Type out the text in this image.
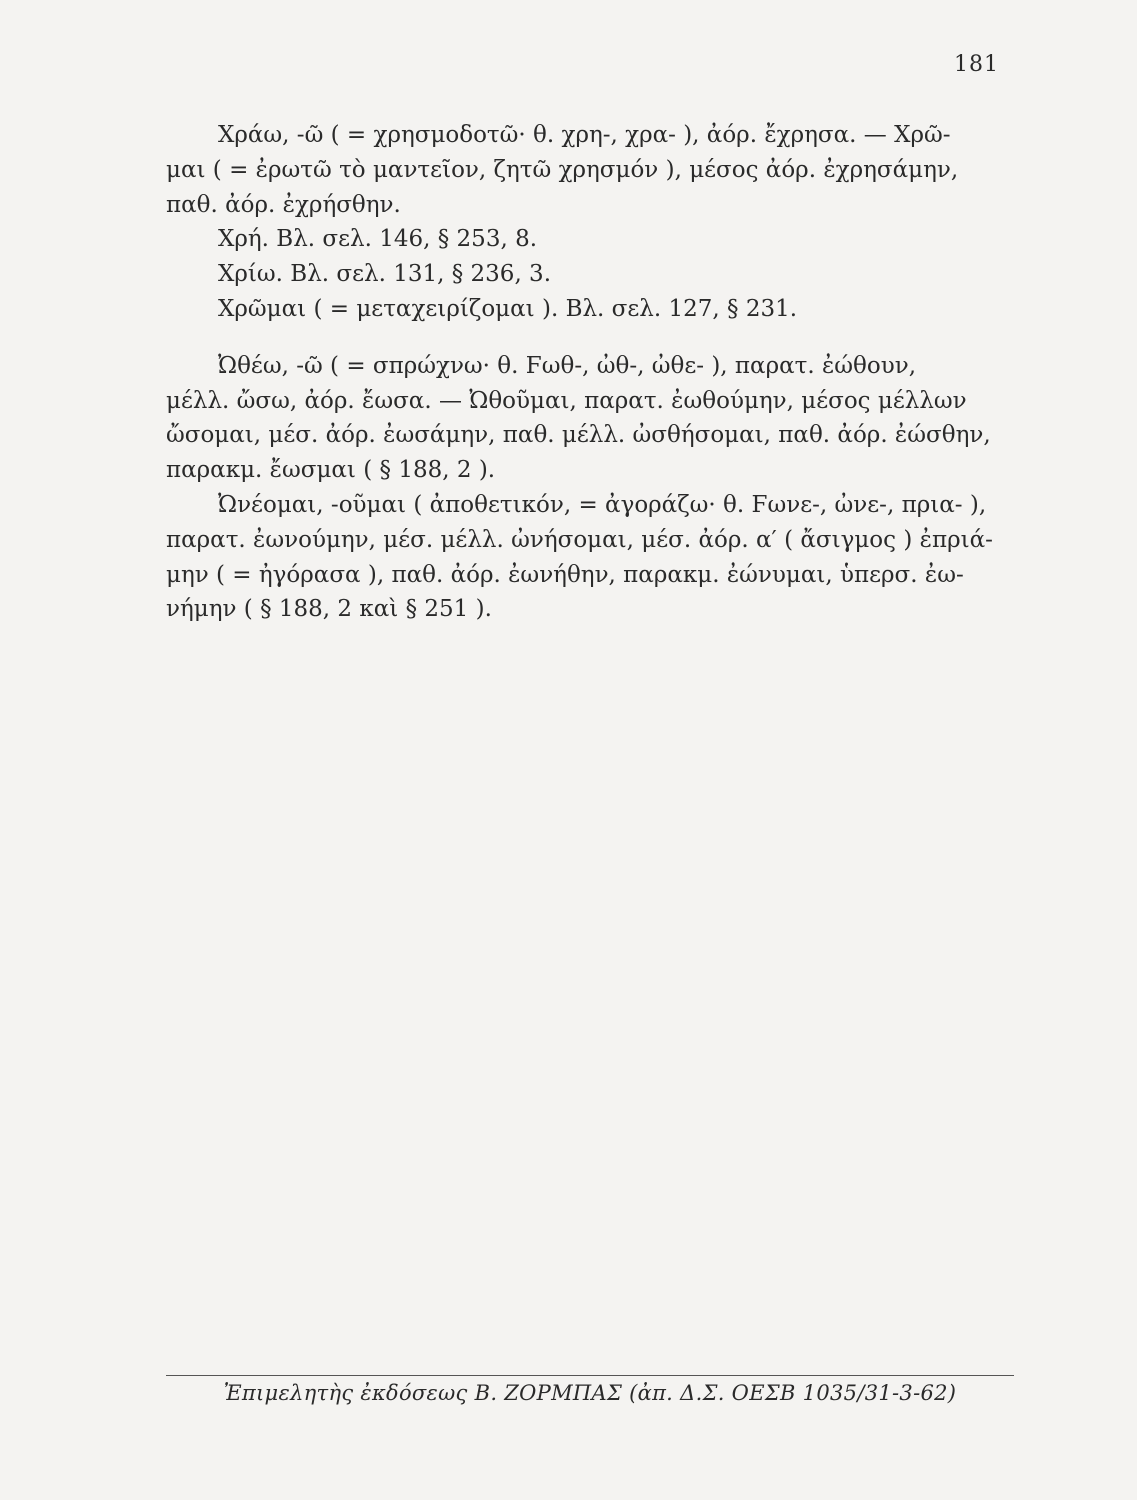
181
Χράω, -ῶ ( = χρησμοδοτῶ· θ. χρη-, χρα- ), ἀόρ. ἔχρησα. — Χρῶ-
μαι ( = ἐρωτῶ τὸ μαντεῖον, ζητῶ χρησμόν ), μέσος ἀόρ. ἐχρησάμην,
παθ. ἀόρ. ἐχρήσθην.
Χρή. Βλ. σελ. 146, § 253, 8.
Χρίω. Βλ. σελ. 131, § 236, 3.
Χρῶμαι ( = μεταχειρίζομαι ). Βλ. σελ. 127, § 231.
Ὠθέω, -ῶ ( = σπρώχνω· θ. Ϝωθ-, ὠθ-, ὠθε- ), παρατ. ἐώθουν,
μέλλ. ὤσω, ἀόρ. ἔωσα. — Ὠθοῦμαι, παρατ. ἐωθούμην, μέσος μέλλων
ὤσομαι, μέσ. ἀόρ. ἐωσάμην, παθ. μέλλ. ὠσθήσομαι, παθ. ἀόρ. ἐώσθην,
παρακμ. ἔωσμαι ( § 188, 2 ).
Ὠνέομαι, -οῦμαι ( ἀποθετικόν, = ἀγοράζω· θ. Ϝωνε-, ὠνε-, πρια- ),
παρατ. ἐωνούμην, μέσ. μέλλ. ὠνήσομαι, μέσ. ἀόρ. α′ ( ἄσιγμος ) ἐπριά-
μην ( = ἠγόρασα ), παθ. ἀόρ. ἐωνήθην, παρακμ. ἐώνυμαι, ὑπερσ. ἐω-
νήμην ( § 188, 2 καὶ § 251 ).
Ἐπιμελητὴς ἐκδόσεως Β. ΖΟΡΜΠΑΣ (ἀπ. Δ.Σ. ΟΕΣΒ 1035/31-3-62)
